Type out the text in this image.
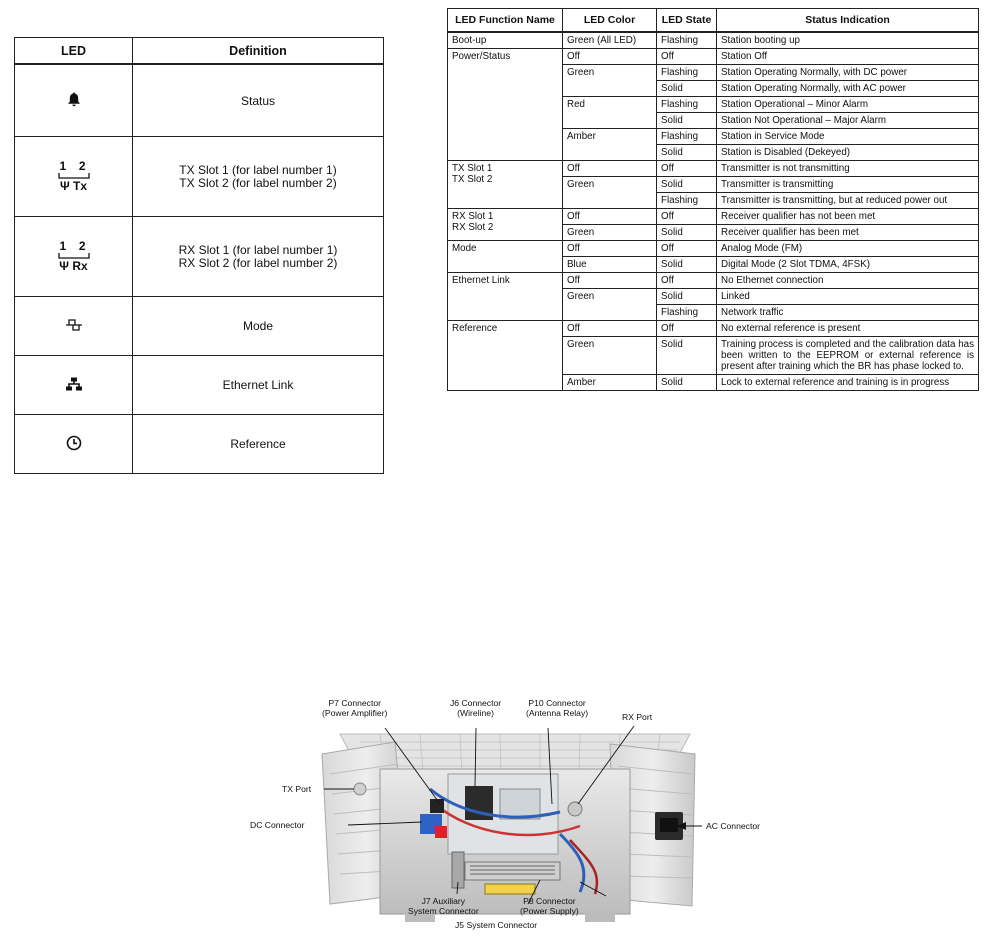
LED	Definition
	Status
1  2
Ψ Tx	TX Slot 1 (for label number 1)
TX Slot 2 (for label number 2)

1  2
Ψ Rx	RX Slot 1 (for label number 1)
RX Slot 2 (for label number 2)

	Mode
	Ethernet Link
	Reference
LED Function Name	LED Color	LED State	Status Indication
Boot-up	Green (All LED)	Flashing	Station booting up
Power/Status	Off	Off	Station Off
	Green	Flashing	Station Operating Normally, with DC power
		Solid	Station Operating Normally, with AC power
	Red	Flashing	Station Operational – Minor Alarm
		Solid	Station Not Operational – Major Alarm
	Amber	Flashing	Station in Service Mode
		Solid	Station is Disabled (Dekeyed)

TX Slot 1
TX Slot 2	Off	Off	Transmitter is not transmitting
	Green	Solid	Transmitter is transmitting
		Flashing	Transmitter is transmitting, but at reduced power out

RX Slot 1
RX Slot 2	Off	Off	Receiver qualifier has not been met
	Green	Solid	Receiver qualifier has been met
Mode	Off	Off	Analog Mode (FM)
	Blue	Solid	Digital Mode (2 Slot TDMA, 4FSK)
Ethernet Link	Off	Off	No Ethernet connection
	Green	Solid	Linked
		Flashing	Network traffic
Reference	Off	Off	No external reference is present
	Green	Solid	Training process is completed and the calibration data has been written to the EEPROM or external reference is present after training which the BR has phase locked to.
	Amber	Solid	Lock to external reference and training is in progress
P7 Connector
(Power Amplifier)
J6 Connector
(Wireline)
P10 Connector
(Antenna Relay)	RX Port
TX Port
DC Connector	AC Connector
J7 Auxiliary
System Connector
P8 Connector
(Power Supply)
J5 System Connector
